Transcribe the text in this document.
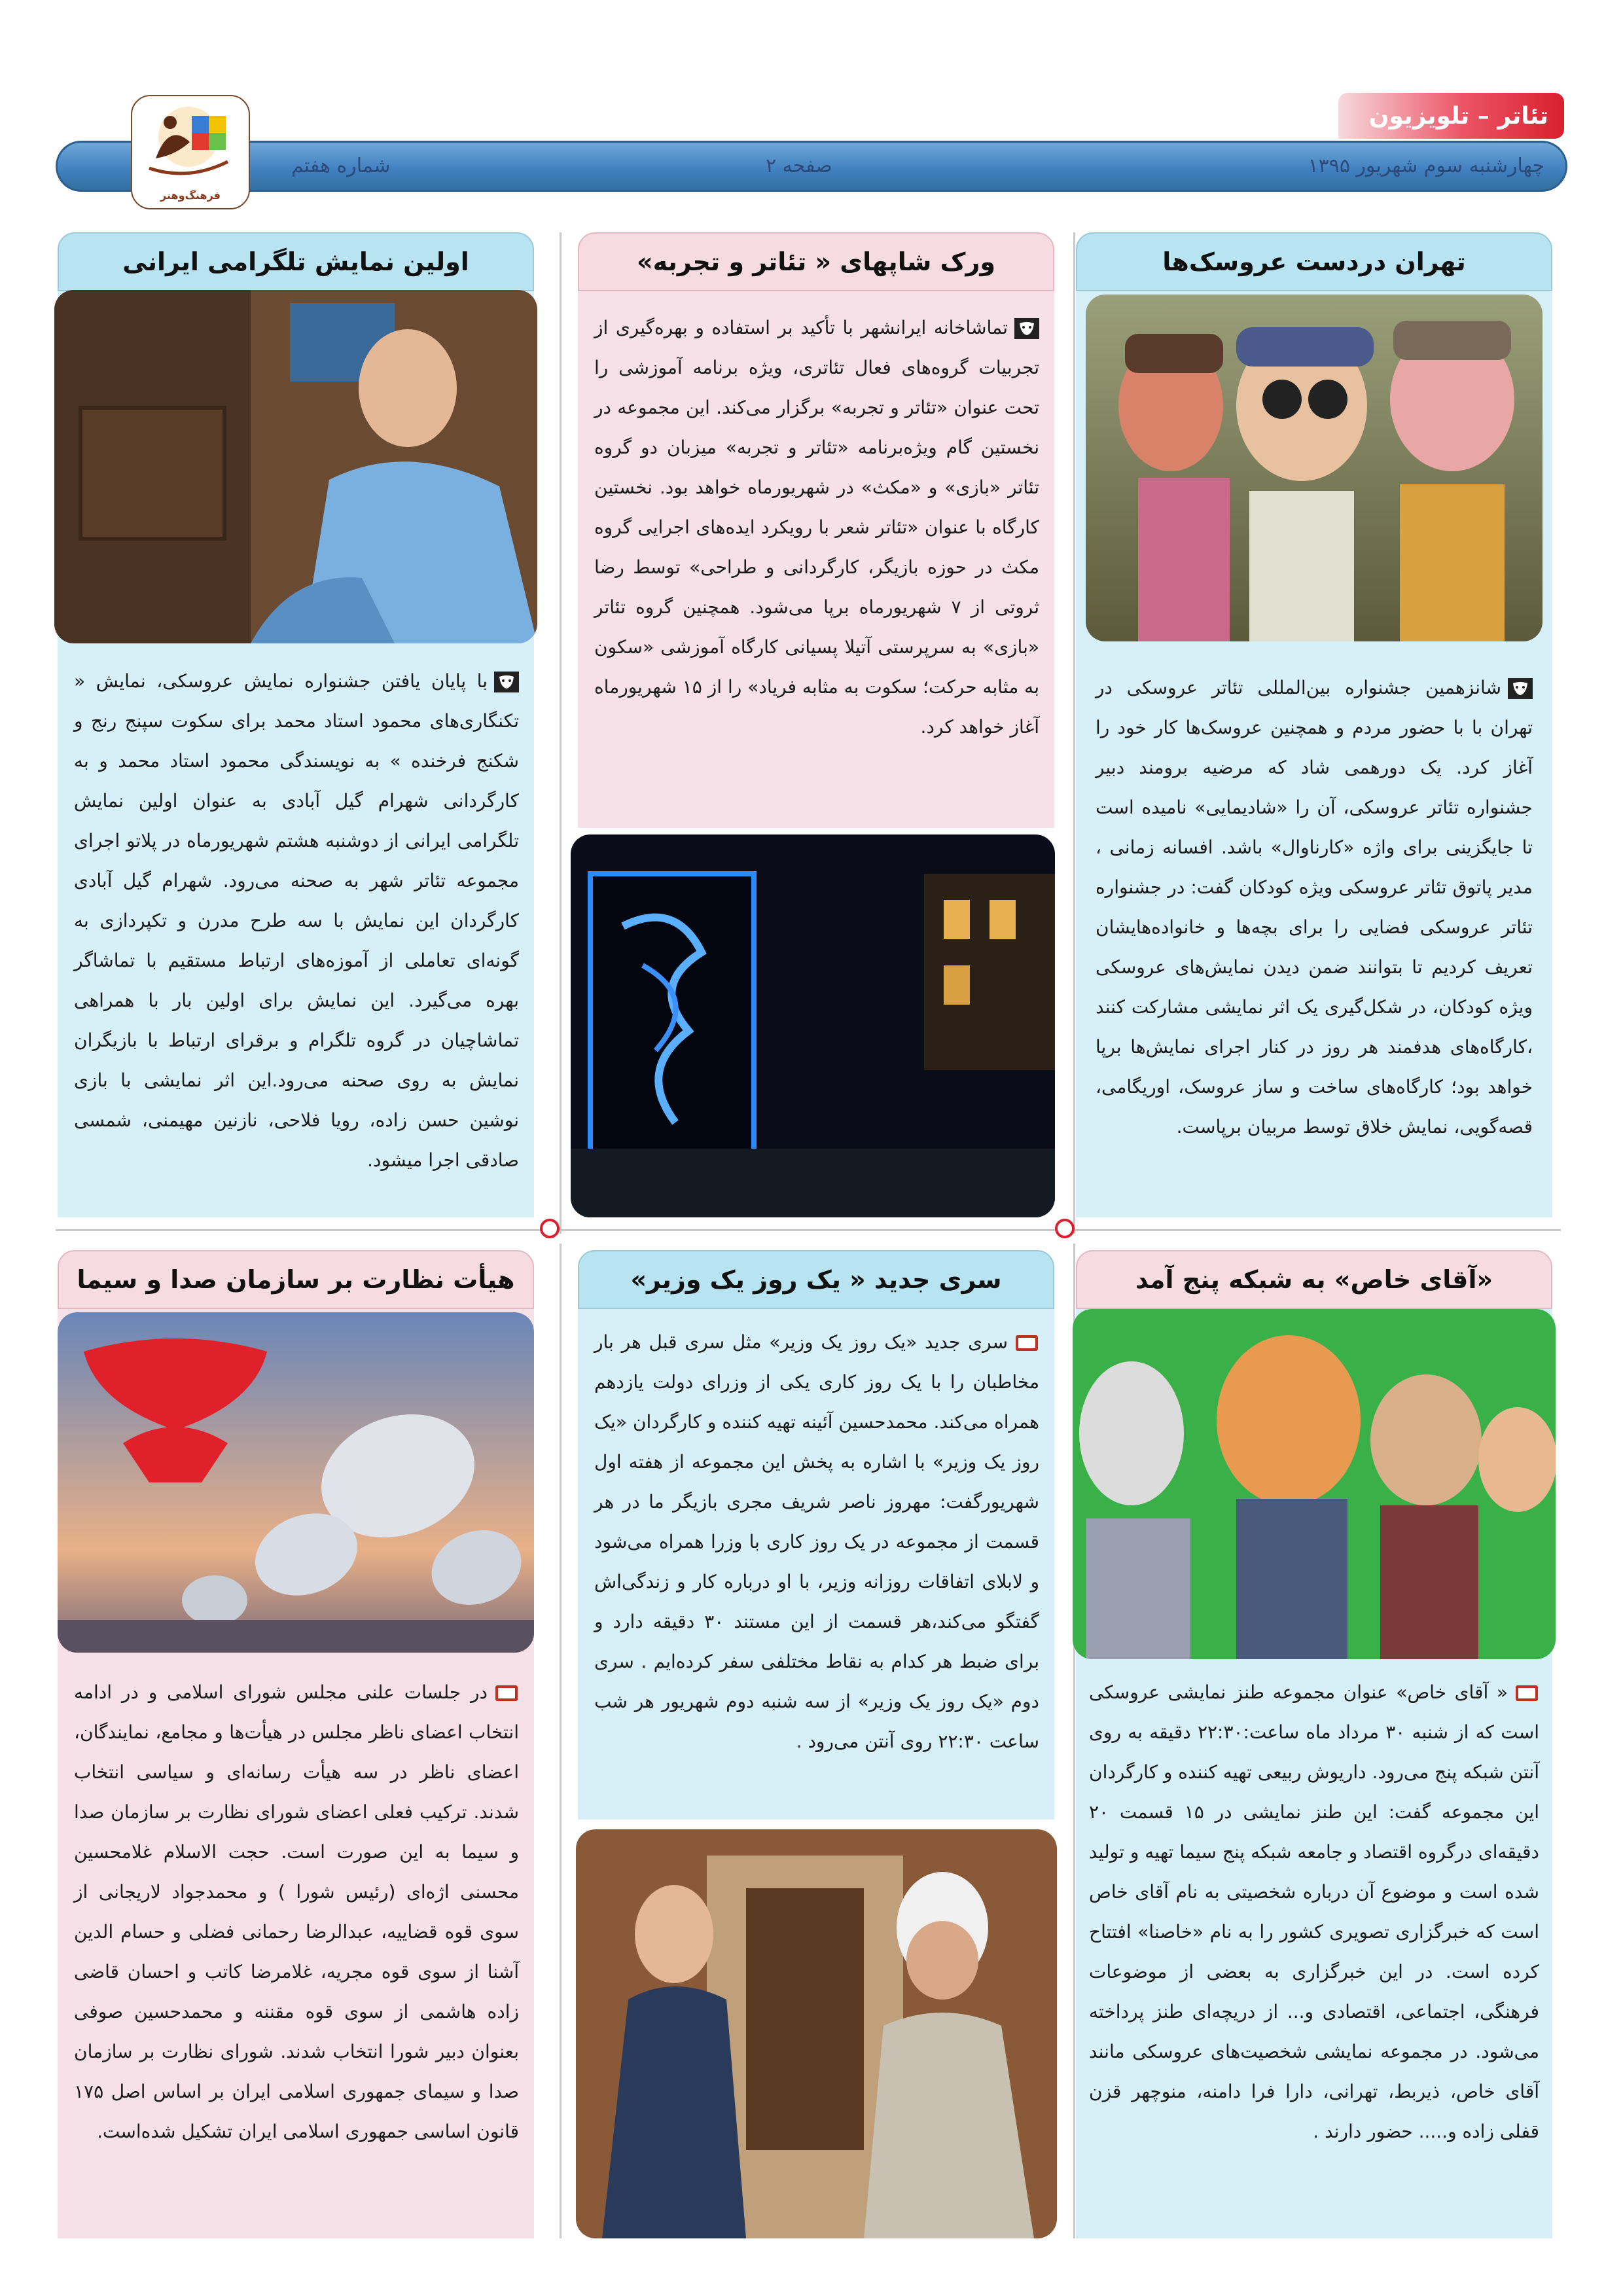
تئاتر – تلویزیون
چهارشنبه سوم شهریور ۱۳۹۵
صفحه ۲
شماره هفتم
فرهنگ‌وهنر
تهران دردست عروسک‌ها
شانزهمین جشنواره بین‌المللی تئاتر عروسکی در تهران با با حضور مردم و همچنین عروسک‌ها کار خود را آغاز کرد. یک دورهمی شاد که مرضیه برومند دبیر جشنواره تئاتر عروسکی، آن را «شادیمایی» نامیده است تا جایگزینی برای واژه «کارناوال» باشد. افسانه زمانی ، مدیر پاتوق تئاتر عروسکی ویژه کودکان گفت: در جشنواره تئاتر عروسکی فضایی را برای بچه‌ها و خانواده‌هایشان تعریف کردیم تا بتوانند ضمن دیدن نمایش‌های عروسکی ویژه کودکان، در شکل‌گیری یک اثر نمایشی مشارکت کنند ،کارگاه‌های هدفمند هر روز در کنار اجرای نمایش‌ها برپا خواهد بود؛ کارگاه‌های ساخت و ساز عروسک، اوریگامی، قصه‌گویی، نمایش خلاق توسط مربیان برپاست.
ورک شاپهای « تئاتر و تجربه»
تماشاخانه ایرانشهر با تأکید بر استفاده و بهره‌گیری از تجربیات گروه‌های فعال تئاتری، ویژه برنامه آموزشی را تحت عنوان «تئاتر و تجربه» برگزار می‌کند. این مجموعه در نخستین گام ویژه‌برنامه «تئاتر و تجربه» میزبان دو گروه تئاتر «بازی» و «مکث» در شهریورماه خواهد بود. نخستین کارگاه با عنوان «تئاتر شعر با رویکرد ایده‌های اجرایی گروه مکث در حوزه بازیگر، کارگردانی و طراحی» توسط رضا ثروتی از ۷ شهریورماه برپا می‌شود. همچنین گروه تئاتر «بازی» به سرپرستی آتیلا پسیانی کارگاه آموزشی «سکون به مثابه حرکت؛ سکوت به مثابه فریاد» را از ۱۵ شهریورماه آغاز خواهد کرد.
اولین نمایش تلگرامی ایرانی
با پایان یافتن جشنواره نمایش عروسکی، نمایش « تکنگاری‌های محمود استاد محمد برای سکوت سپنج رنج و شکنج فرخنده » به نویسندگی محمود استاد محمد و به کارگردانی شهرام گیل آبادی به عنوان اولین نمایش تلگرامی ایرانی از دوشنبه هشتم شهریورماه در پلاتو اجرای مجموعه تئاتر شهر به صحنه می‌رود. شهرام گیل آبادی کارگردان این نمایش با سه طرح مدرن و تکپردازی به گونه‌ای تعاملی از آموزه‌های ارتباط مستقیم با تماشاگر بهره می‌گیرد. این نمایش برای اولین بار با همراهی تماشاچیان در گروه تلگرام و برقرای ارتباط با بازیگران نمایش به روی صحنه می‌رود.این اثر نمایشی با بازی نوشین حسن زاده، رویا فلاحی، نازنین مهیمنی، شمسی صادقی اجرا میشود.
«آقای خاص» به شبکه پنج آمد
« آقای خاص» عنوان مجموعه طنز نمایشی عروسکی است که از شنبه ۳۰ مرداد ماه ساعت:۲۲:۳۰ دقیقه به روی آنتن شبکه پنج می‌رود. داریوش ربیعی تهیه کننده و کارگردان این مجموعه گفت: این طنز نمایشی در ۱۵ قسمت ۲۰ دقیقه‌ای درگروه اقتصاد و جامعه شبکه پنج سیما تهیه و تولید شده است و موضوع آن درباره شخصیتی به نام آقای خاص است که خبرگزاری تصویری کشور را به نام «خاصنا» افتتاح کرده است. در این خبرگزاری به بعضی از موضوعات فرهنگی، اجتماعی، اقتصادی و... از دریچه‌ای طنز پرداخته می‌شود. در مجموعه نمایشی شخصیت‌های عروسکی مانند آقای خاص، ذیربط، تهرانی، دارا فرا دامنه، منوچهر قزن قفلی زاده و..... حضور دارند .
سری جدید « یک روز یک وزیر»
سری جدید «یک روز یک وزیر» مثل سری قبل هر بار مخاطبان را با یک روز کاری یکی از وزرای دولت یازدهم همراه می‌کند. محمدحسین آئینه تهیه کننده و کارگردان «یک روز یک وزیر» با اشاره به پخش این مجموعه از هفته اول شهریورگفت: مهروز ناصر شریف مجری بازیگر ما در هر قسمت از مجموعه در یک روز کاری با وزرا همراه می‌شود و لابلای اتفاقات روزانه وزیر، با او درباره کار و زندگی‌اش گفتگو می‌کند،هر قسمت از این مستند ۳۰ دقیقه دارد و برای ضبط هر کدام به نقاط مختلفی سفر کرده‌ایم . سری دوم «یک روز یک وزیر» از سه شنبه دوم شهریور هر شب ساعت ۲۲:۳۰ روی آنتن می‌رود .
هیأت نظارت بر سازمان صدا و سیما
در جلسات علنی مجلس شورای اسلامی و در ادامه انتخاب اعضای ناظر مجلس در هیأت‌ها و مجامع، نمایندگان، اعضای ناظر در سه هیأت رسانه‌ای و سیاسی انتخاب شدند. ترکیب فعلی اعضای شورای نظارت بر سازمان صدا و سیما به این صورت است. حجت الاسلام غلامحسین محسنی اژه‌ای (رئیس شورا ) و محمدجواد لاریجانی از سوی قوه قضاییه، عبدالرضا رحمانی فضلی و حسام الدین آشنا از سوی قوه مجریه، غلامرضا کاتب و احسان قاضی زاده هاشمی از سوی قوه مقننه و محمدحسین صوفی بعنوان دبیر شورا انتخاب شدند. شورای نظارت بر سازمان صدا و سیمای جمهوری اسلامی ایران بر اساس اصل ۱۷۵ قانون اساسی جمهوری اسلامی ایران تشکیل شده‌است.
